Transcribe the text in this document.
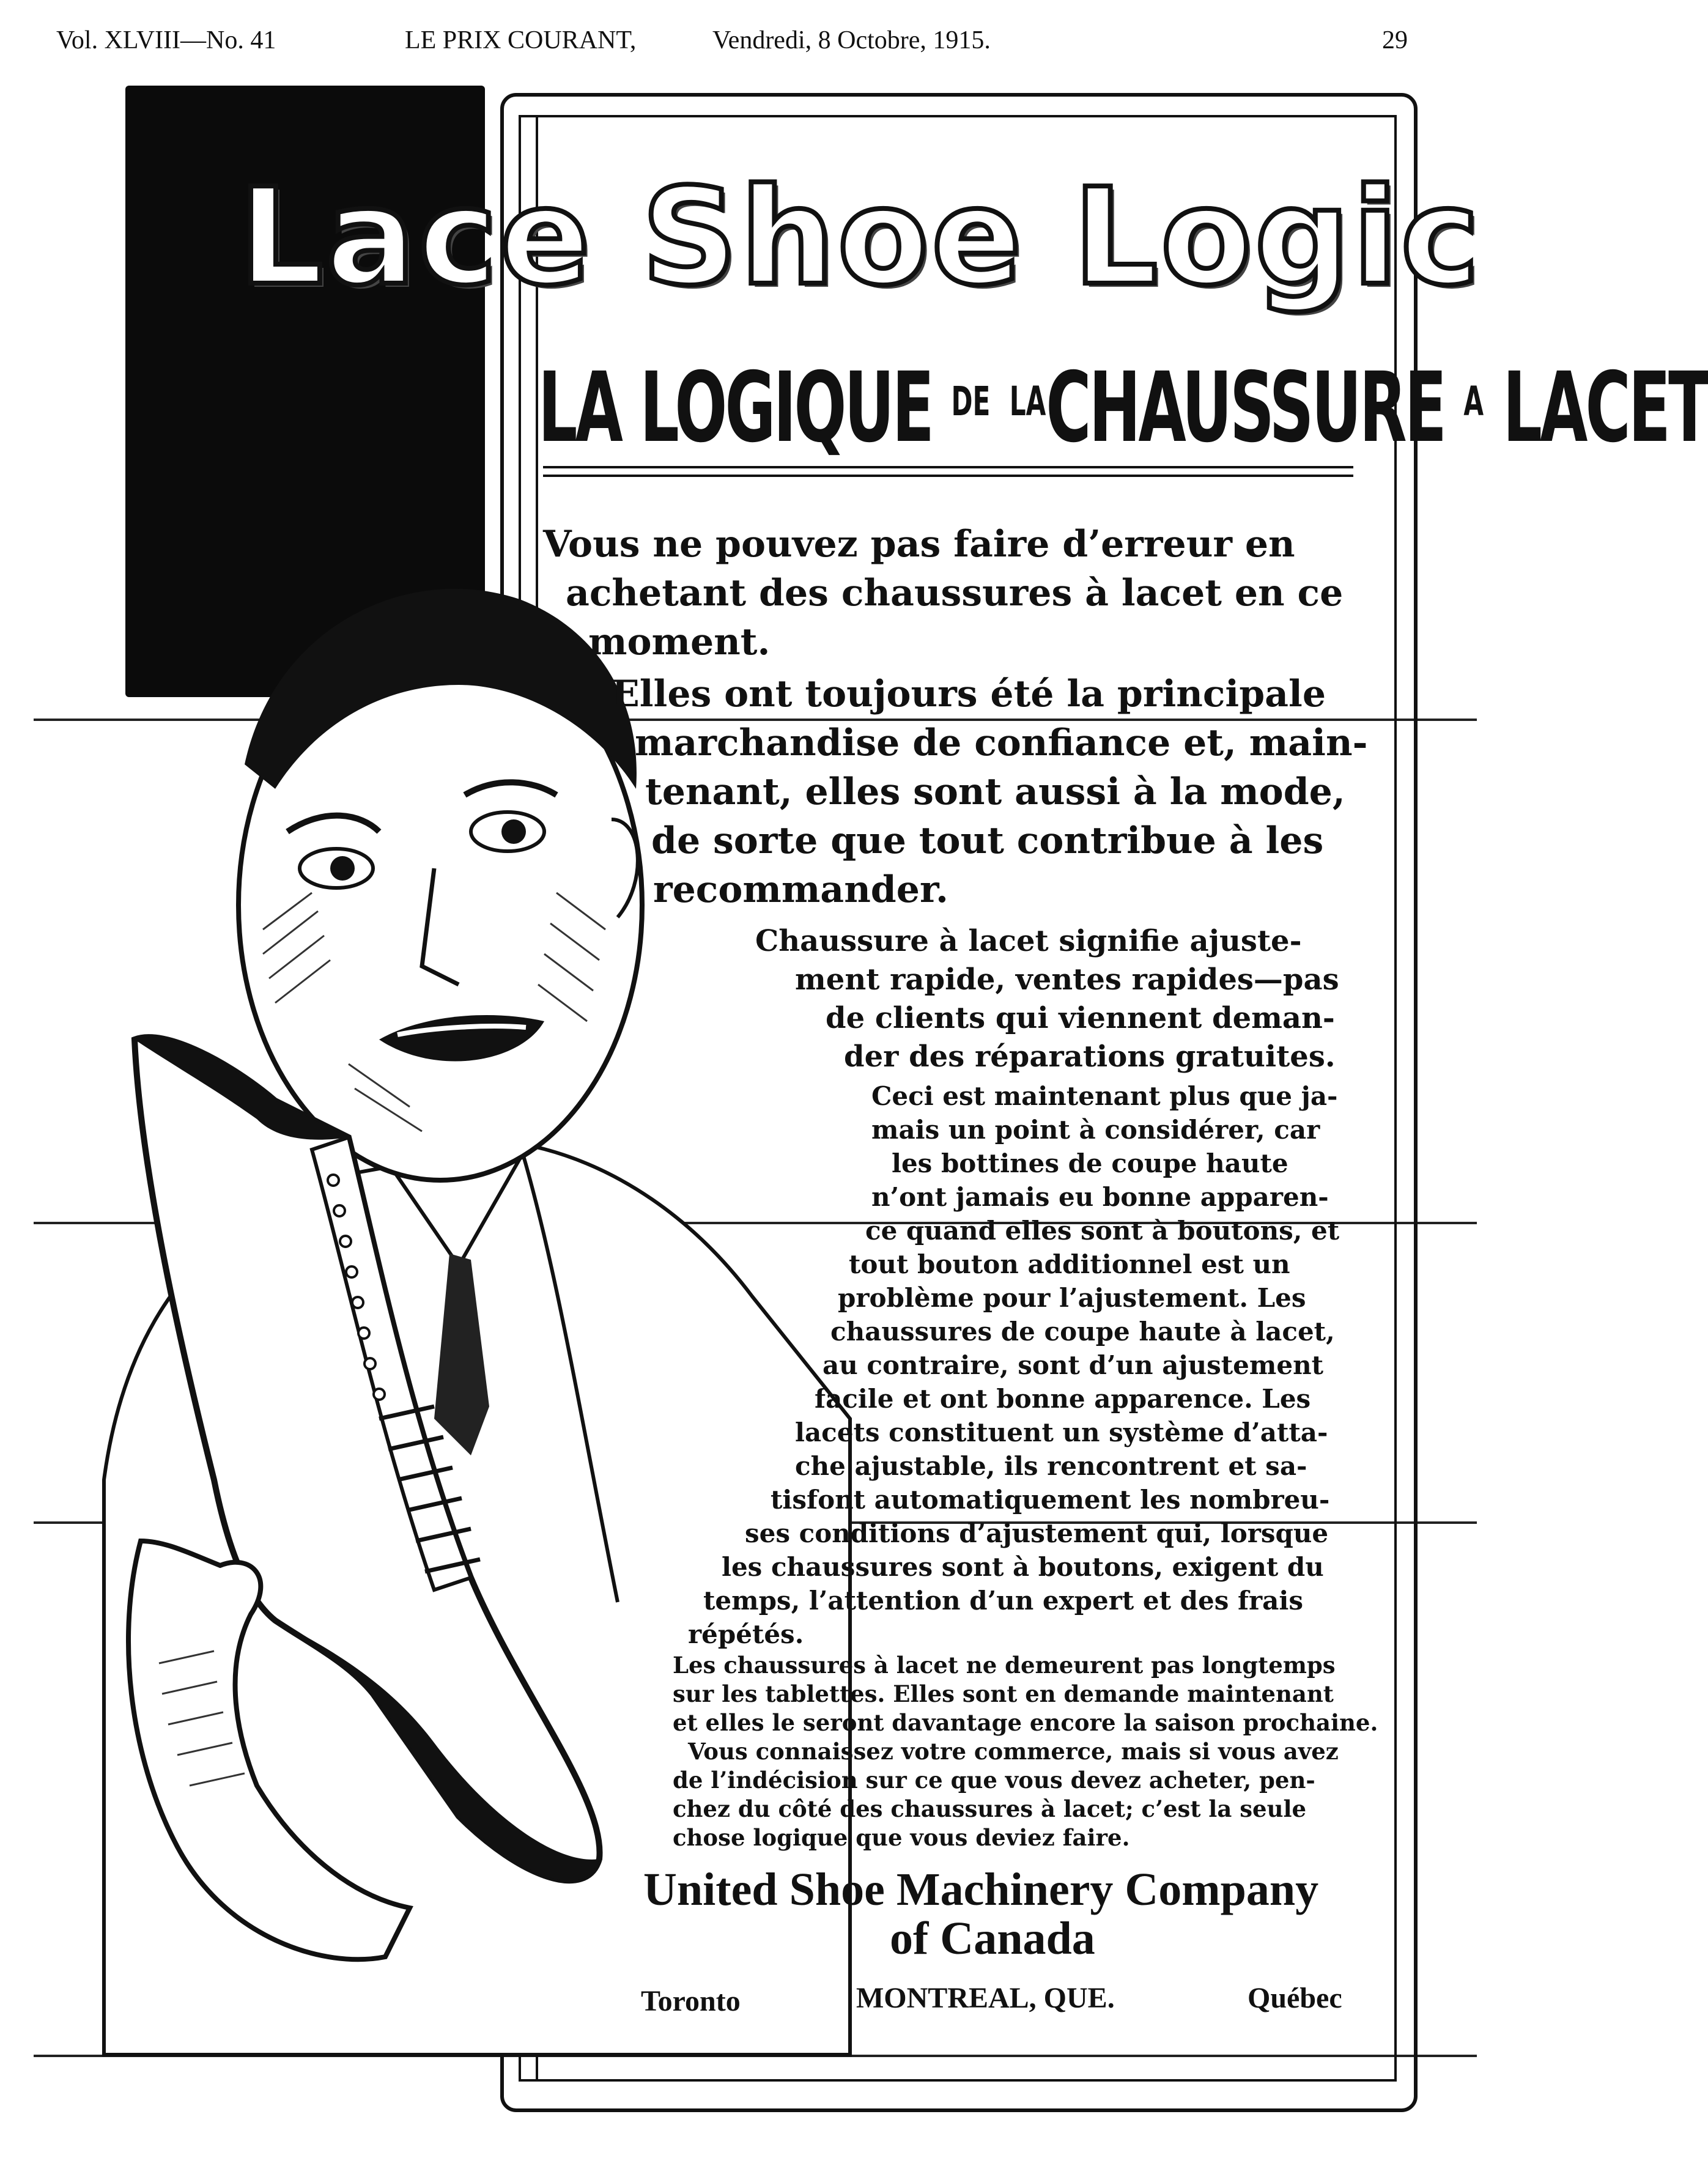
Vol. XLVIII—No. 41	LE PRIX COURANT,	Vendredi, 8 Octobre, 1915.	29
Lace Shoe Logic
LA LOGIQUE $^{DE}$ $^{LA}$CHAUSSURE $^A$ LACET
Vous ne pouvez pas faire d’erreur en
achetant des chaussures à lacet en ce
moment.
Elles ont toujours été la principale
marchandise de confiance et, main-
tenant, elles sont aussi à la mode,
de sorte que tout contribue à les
recommander.
Chaussure à lacet signifie ajuste-
ment rapide, ventes rapides—pas
de clients qui viennent deman-
der des réparations gratuites.
Ceci est maintenant plus que ja-
mais un point à considérer, car
les bottines de coupe haute
n’ont jamais eu bonne apparen-
ce quand elles sont à boutons, et
tout bouton additionnel est un
problème pour l’ajustement. Les
chaussures de coupe haute à lacet,
au contraire, sont d’un ajustement
facile et ont bonne apparence. Les
lacets constituent un système d’atta-
che ajustable, ils rencontrent et sa-
tisfont automatiquement les nombreu-
ses conditions d’ajustement qui, lorsque
les chaussures sont à boutons, exigent du
temps, l’attention d’un expert et des frais
répétés.
Les chaussures à lacet ne demeurent pas longtemps
sur les tablettes. Elles sont en demande maintenant
et elles le seront davantage encore la saison prochaine.
Vous connaissez votre commerce, mais si vous avez
de l’indécision sur ce que vous devez acheter, pen-
chez du côté des chaussures à lacet; c’est la seule
chose logique que vous deviez faire.
United Shoe Machinery Company
of Canada
Toronto	MONTREAL, QUE.	Québec
